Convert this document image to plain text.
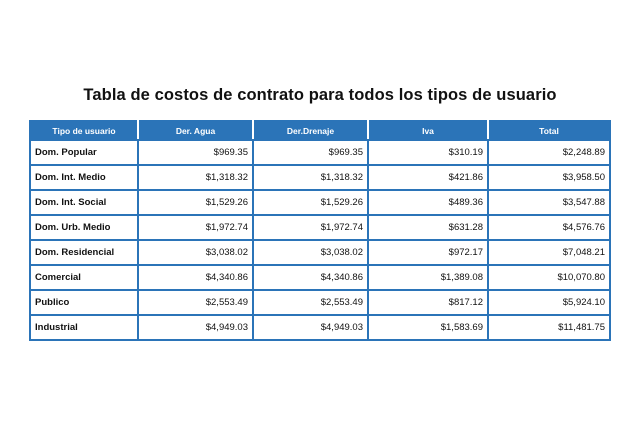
Tabla de costos de contrato para todos los tipos de usuario
Tipo de usuario	Der. Agua	Der.Drenaje	Iva	Total
Dom. Popular	$969.35	$969.35	$310.19	$2,248.89
Dom. Int. Medio	$1,318.32	$1,318.32	$421.86	$3,958.50
Dom. Int. Social	$1,529.26	$1,529.26	$489.36	$3,547.88
Dom. Urb. Medio	$1,972.74	$1,972.74	$631.28	$4,576.76
Dom. Residencial	$3,038.02	$3,038.02	$972.17	$7,048.21
Comercial	$4,340.86	$4,340.86	$1,389.08	$10,070.80
Publico	$2,553.49	$2,553.49	$817.12	$5,924.10
Industrial	$4,949.03	$4,949.03	$1,583.69	$11,481.75
